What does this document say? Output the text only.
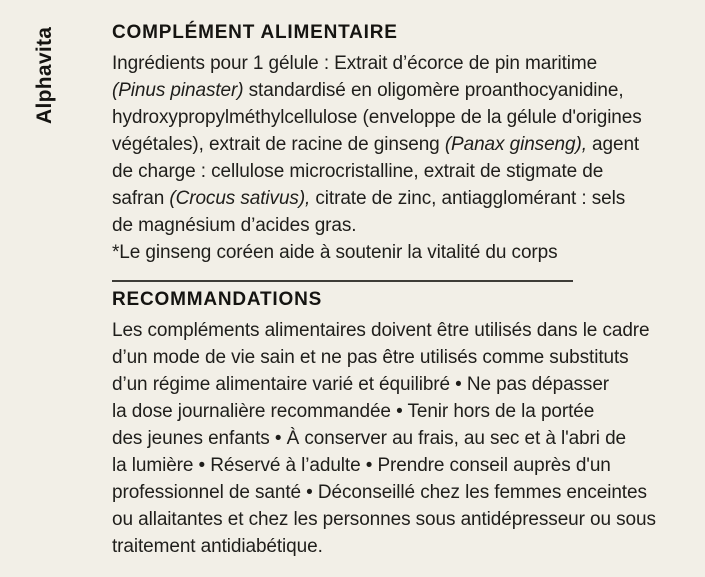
Alphavita	COMPLÉMENT ALIMENTAIRE
Ingrédients pour 1 gélule : Extrait d’écorce de pin maritime
(Pinus pinaster) standardisé en oligomère proanthocyanidine,
hydroxypropylméthylcellulose (enveloppe de la gélule d'origines
végétales), extrait de racine de ginseng (Panax ginseng), agent
de charge : cellulose microcristalline, extrait de stigmate de
safran (Crocus sativus), citrate de zinc, antiagglomérant : sels
de magnésium d’acides gras.
*Le ginseng coréen aide à soutenir la vitalité du corps
RECOMMANDATIONS
Les compléments alimentaires doivent être utilisés dans le cadre
d’un mode de vie sain et ne pas être utilisés comme substituts
d’un régime alimentaire varié et équilibré • Ne pas dépasser
la dose journalière recommandée • Tenir hors de la portée
des jeunes enfants • À conserver au frais, au sec et à l'abri de
la lumière • Réservé à l’adulte • Prendre conseil auprès d'un
professionnel de santé • Déconseillé chez les femmes enceintes
ou allaitantes et chez les personnes sous antidépresseur ou sous
traitement antidiabétique.
